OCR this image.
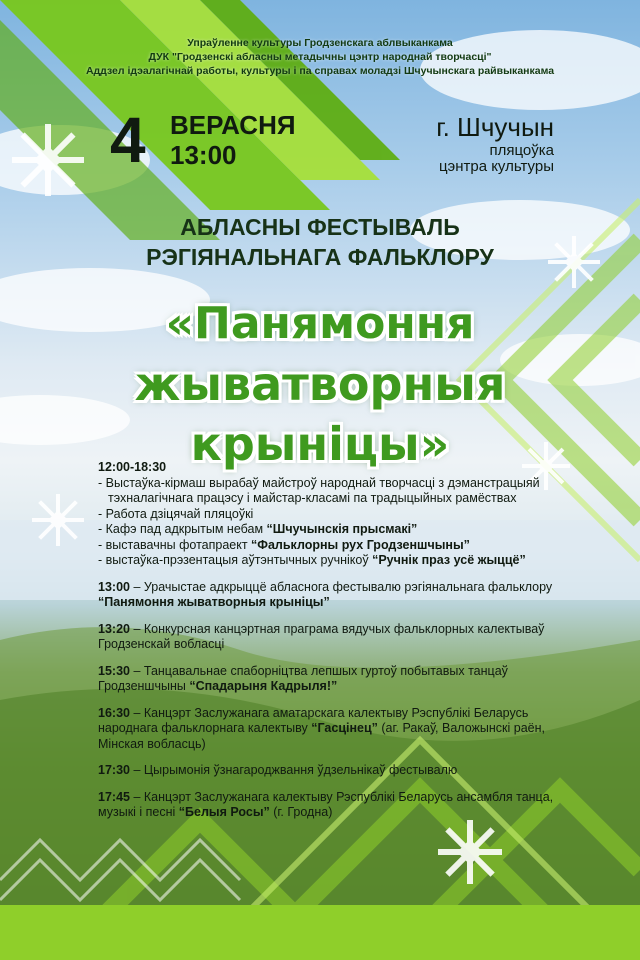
Упраўленне культуры Гродзенскага аблвыканкама
ДУК "Гродзенскі абласны метадычны цэнтр народнай творчасці"
Аддзел ідэалагічнай работы, культуры і па справах моладзі Шчучынскага райвыканкама
4 ВЕРАСНЯ
13:00
г. Шчучын
пляцоўка
цэнтра культуры
АБЛАСНЫ ФЕСТЫВАЛЬ
РЭГІЯНАЛЬНАГА ФАЛЬКЛОРУ
«Панямоння
жыватворныя крыніцы»
12:00-18:30
- Выстаўка-кірмаш вырабаў майстроў народнай творчасці з дэманстрацыяй тэхналагічнага працэсу і майстар-класамі па традыцыйных рамёствах
- Работа дзіцячай пляцоўкі
- Кафэ пад адкрытым небам “Шчучынскія прысмакі”
- выставачны фотапраект “Фальклорны рух Гродзеншчыны”
- выстаўка-прэзентацыя аўтэнтычных ручнікоў “Ручнік праз усё жыццё”
13:00 – Урачыстае адкрыццё абласнога фестывалю рэгіянальнага фальклору
“Панямоння жыватворныя крыніцы”
13:20 – Конкурсная канцэртная праграма вядучых фальклорных калектываў Гродзенскай вобласці
15:30 – Танцавальнае спаборніцтва лепшых гуртоў побытавых танцаў Гродзеншчыны “Спадарыня Кадрыля!”
16:30 – Канцэрт Заслужанага аматарскага калектыву Рэспублікі Беларусь народнага фальклорнага калектыву “Гасцінец” (аг. Ракаў, Валожынскі раён, Мінская вобласць)
17:30 – Цырымонія ўзнагароджвання ўдзельнікаў фестывалю
17:45 – Канцэрт Заслужанага калектыву Рэспублікі Беларусь ансамбля танца, музыкі і песні “Белыя Росы” (г. Гродна)
